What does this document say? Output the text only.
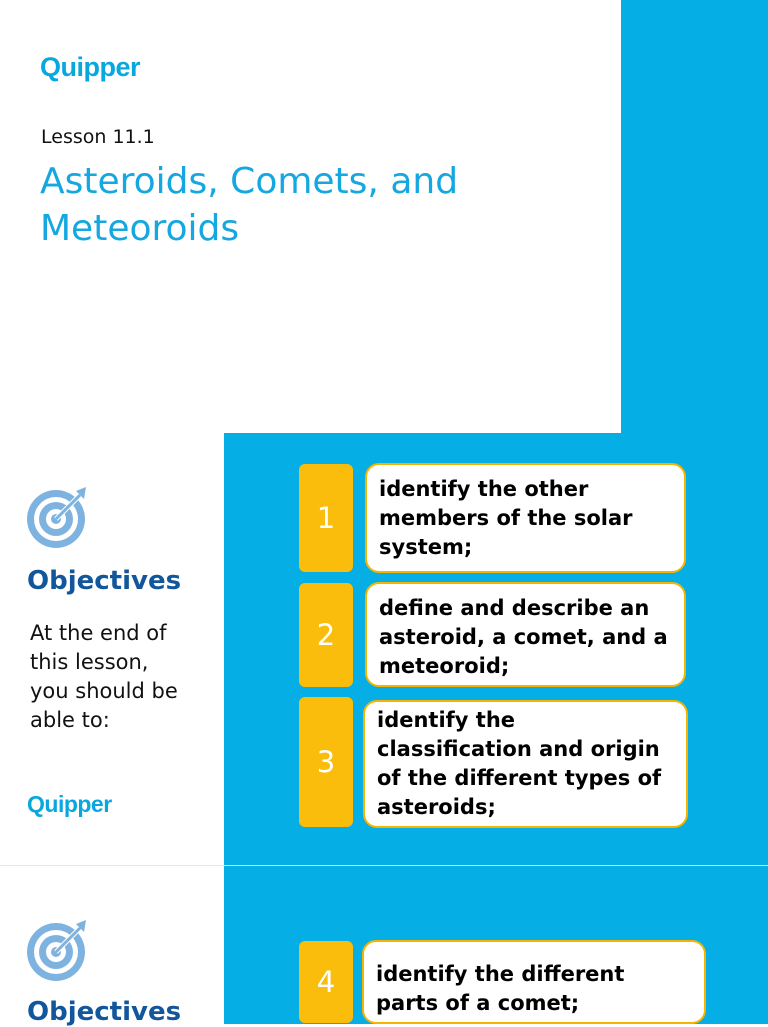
Quipper
Lesson 11.1
Asteroids, Comets, and Meteoroids
Objectives
At the end of this lesson, you should be able to:
Quipper
1
identify the other members of the solar system;
2
define and describe an asteroid, a comet, and a meteoroid;
3
identify the classification and origin of the different types of asteroids;
Objectives
4	identify the different parts of a comet;
